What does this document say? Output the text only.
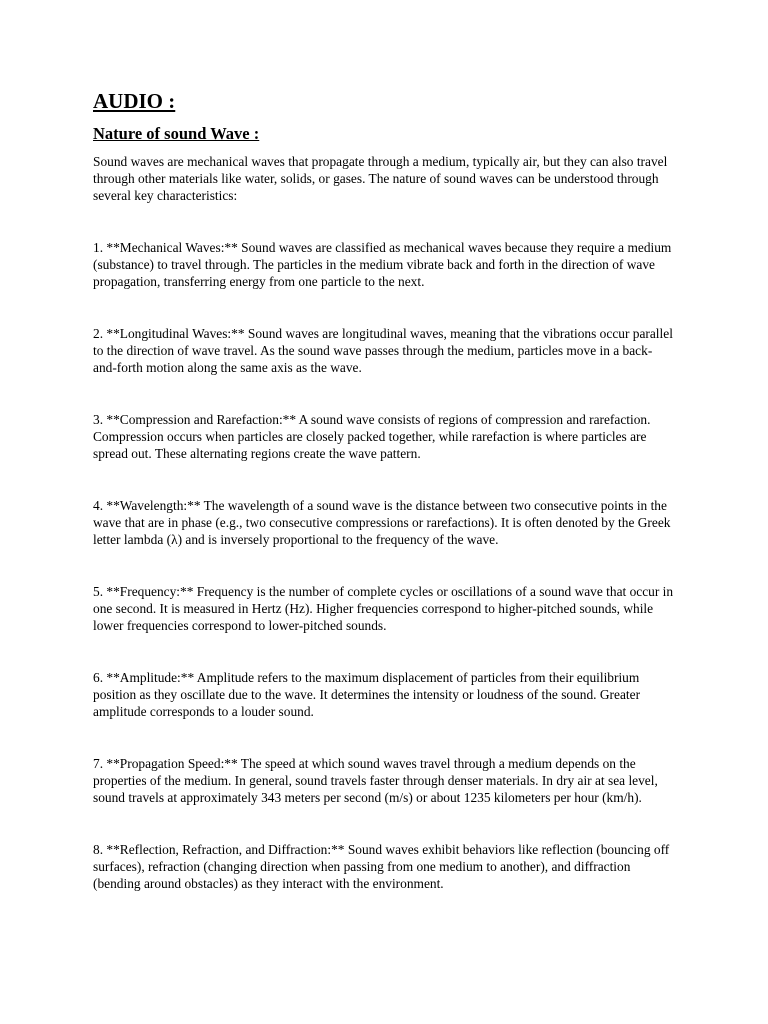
AUDIO :
Nature of sound Wave :

Sound waves are mechanical waves that propagate through a medium, typically air, but they can also travel through other materials like water, solids, or gases. The nature of sound waves can be understood through several key characteristics:

1. **Mechanical Waves:** Sound waves are classified as mechanical waves because they require a medium (substance) to travel through. The particles in the medium vibrate back and forth in the direction of wave propagation, transferring energy from one particle to the next.

2. **Longitudinal Waves:** Sound waves are longitudinal waves, meaning that the vibrations occur parallel to the direction of wave travel. As the sound wave passes through the medium, particles move in a back-and-forth motion along the same axis as the wave.

3. **Compression and Rarefaction:** A sound wave consists of regions of compression and rarefaction. Compression occurs when particles are closely packed together, while rarefaction is where particles are spread out. These alternating regions create the wave pattern.

4. **Wavelength:** The wavelength of a sound wave is the distance between two consecutive points in the wave that are in phase (e.g., two consecutive compressions or rarefactions). It is often denoted by the Greek letter lambda (λ) and is inversely proportional to the frequency of the wave.

5. **Frequency:** Frequency is the number of complete cycles or oscillations of a sound wave that occur in one second. It is measured in Hertz (Hz). Higher frequencies correspond to higher-pitched sounds, while lower frequencies correspond to lower-pitched sounds.

6. **Amplitude:** Amplitude refers to the maximum displacement of particles from their equilibrium position as they oscillate due to the wave. It determines the intensity or loudness of the sound. Greater amplitude corresponds to a louder sound.

7. **Propagation Speed:** The speed at which sound waves travel through a medium depends on the properties of the medium. In general, sound travels faster through denser materials. In dry air at sea level, sound travels at approximately 343 meters per second (m/s) or about 1235 kilometers per hour (km/h).

8. **Reflection, Refraction, and Diffraction:** Sound waves exhibit behaviors like reflection (bouncing off surfaces), refraction (changing direction when passing from one medium to another), and diffraction (bending around obstacles) as they interact with the environment.
